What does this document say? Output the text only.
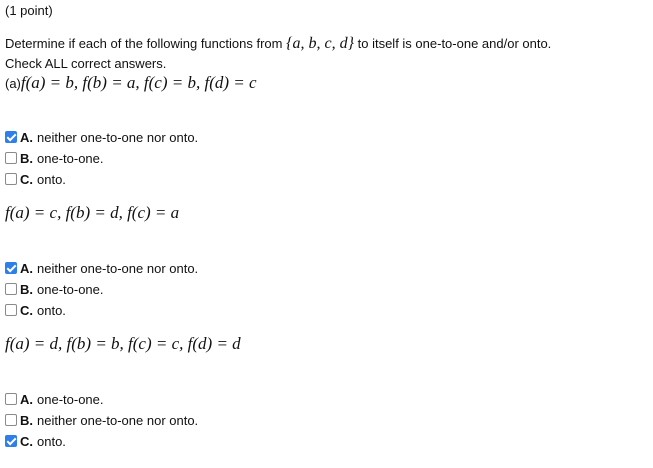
(1 point)
Determine if each of the following functions from {a, b, c, d} to itself is one-to-one and/or onto.
Check ALL correct answers.
(a)f(a) = b, f(b) = a, f(c) = b, f(d) = c
A. neither one-to-one nor onto.
B. one-to-one.
C. onto.
f(a) = c, f(b) = d, f(c) = a
A. neither one-to-one nor onto.
B. one-to-one.
C. onto.
f(a) = d, f(b) = b, f(c) = c, f(d) = d
A. one-to-one.
B. neither one-to-one nor onto.
C. onto.
